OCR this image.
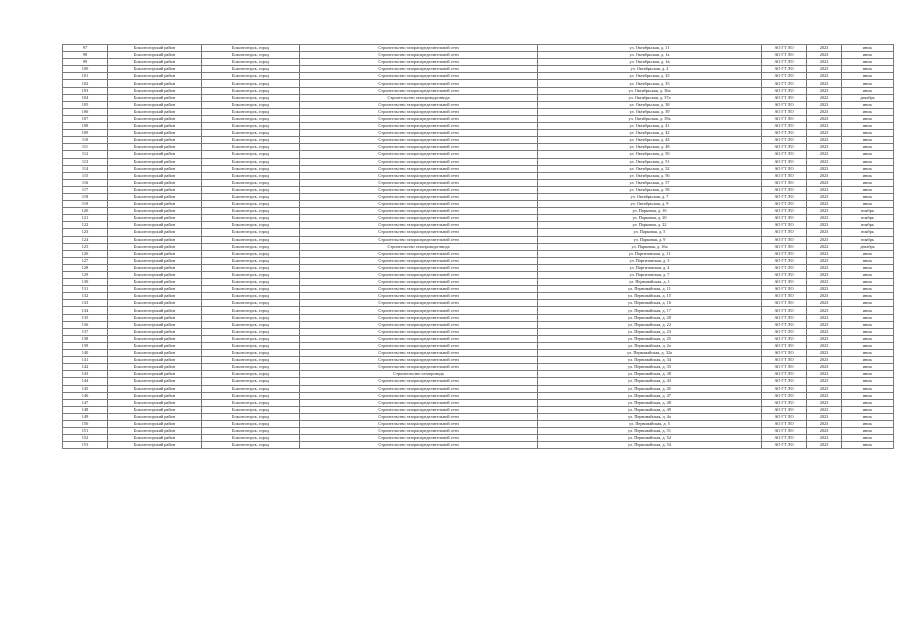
97	Бокситогорский район	Бокситогорск, город	Строительство газораспределительной сети	ул. Октябрьская, д. 11	АО ГТ ЛО	2023	июль
98	Бокситогорский район	Бокситогорск, город	Строительство газораспределительной сети	ул. Октябрьская, д. 1а	АО ГТ ЛО	2023	июль
99	Бокситогорский район	Бокситогорск, город	Строительство газораспределительной сети	ул. Октябрьская, д. 1в	АО ГТ ЛО	2023	июль
100	Бокситогорский район	Бокситогорск, город	Строительство газораспределительной сети	ул. Октябрьская, д. 2	АО ГТ ЛО	2023	июль
101	Бокситогорский район	Бокситогорск, город	Строительство газораспределительной сети	ул. Октябрьская, д. 25	АО ГТ ЛО	2023	июль
102	Бокситогорский район	Бокситогорск, город	Строительство газораспределительной сети	ул. Октябрьская, д. 35	АО ГТ ЛО	2023	июль
103	Бокситогорский район	Бокситогорск, город	Строительство газораспределительной сети	ул. Октябрьская, д. 36а	АО ГТ ЛО	2023	июль
104	Бокситогорский район	Бокситогорск, город	Строительство газопровода-ввода	ул. Октябрьская, д. 37а	АО ГТ ЛО	2022	декабрь
105	Бокситогорский район	Бокситогорск, город	Строительство газораспределительной сети	ул. Октябрьская, д. 38	АО ГТ ЛО	2023	июль
106	Бокситогорский район	Бокситогорск, город	Строительство газораспределительной сети	ул. Октябрьская, д. 39	АО ГТ ЛО	2023	июль
107	Бокситогорский район	Бокситогорск, город	Строительство газораспределительной сети	ул. Октябрьская, д. 39а	АО ГТ ЛО	2023	июль
108	Бокситогорский район	Бокситогорск, город	Строительство газораспределительной сети	ул. Октябрьская, д. 41	АО ГТ ЛО	2023	июль
109	Бокситогорский район	Бокситогорск, город	Строительство газораспределительной сети	ул. Октябрьская, д. 42	АО ГТ ЛО	2023	июль
110	Бокситогорский район	Бокситогорск, город	Строительство газораспределительной сети	ул. Октябрьская, д. 44	АО ГТ ЛО	2023	июль
111	Бокситогорский район	Бокситогорск, город	Строительство газораспределительной сети	ул. Октябрьская, д. 48	АО ГТ ЛО	2023	июль
112	Бокситогорский район	Бокситогорск, город	Строительство газораспределительной сети	ул. Октябрьская, д. 50	АО ГТ ЛО	2023	июль
113	Бокситогорский район	Бокситогорск, город	Строительство газораспределительной сети	ул. Октябрьская, д. 51	АО ГТ ЛО	2023	июль
114	Бокситогорский район	Бокситогорск, город	Строительство газораспределительной сети	ул. Октябрьская, д. 52	АО ГТ ЛО	2023	июль
115	Бокситогорский район	Бокситогорск, город	Строительство газораспределительной сети	ул. Октябрьская, д. 56	АО ГТ ЛО	2023	июль
116	Бокситогорский район	Бокситогорск, город	Строительство газораспределительной сети	ул. Октябрьская, д. 57	АО ГТ ЛО	2023	июль
117	Бокситогорский район	Бокситогорск, город	Строительство газораспределительной сети	ул. Октябрьская, д. 58	АО ГТ ЛО	2023	июль
118	Бокситогорский район	Бокситогорск, город	Строительство газораспределительной сети	ул. Октябрьская, д. 7	АО ГТ ЛО	2023	июль
119	Бокситогорский район	Бокситогорск, город	Строительство газораспределительной сети	ул. Октябрьская, д. 9	АО ГТ ЛО	2023	июль
120	Бокситогорский район	Бокситогорск, город	Строительство газораспределительной сети	ул. Парковая, д. 16	АО ГТ ЛО	2023	ноябрь
121	Бокситогорский район	Бокситогорск, город	Строительство газораспределительной сети	ул. Парковая, д. 20	АО ГТ ЛО	2023	ноябрь
122	Бокситогорский район	Бокситогорск, город	Строительство газораспределительной сети	ул. Парковая, д. 22	АО ГТ ЛО	2023	ноябрь
123	Бокситогорский район	Бокситогорск, город	Строительство газораспределительной сети	ул. Парковая, д. 5	АО ГТ ЛО	2023	ноябрь
124	Бокситогорский район	Бокситогорск, город	Строительство газораспределительной сети	ул. Парковая, д. 9	АО ГТ ЛО	2023	ноябрь
125	Бокситогорский район	Бокситогорск, город	Строительство газопровода-ввода	ул. Парковая, д. 16а	АО ГТ ЛО	2022	декабрь
126	Бокситогорский район	Бокситогорск, город	Строительство газораспределительной сети	ул. Партизанская, д. 11	АО ГТ ЛО	2023	июль
127	Бокситогорский район	Бокситогорск, город	Строительство газораспределительной сети	ул. Партизанская, д. 3	АО ГТ ЛО	2023	июль
128	Бокситогорский район	Бокситогорск, город	Строительство газораспределительной сети	ул. Партизанская, д. 4	АО ГТ ЛО	2023	июль
129	Бокситогорский район	Бокситогорск, город	Строительство газораспределительной сети	ул. Партизанская, д. 7	АО ГТ ЛО	2023	июль
130	Бокситогорский район	Бокситогорск, город	Строительство газораспределительной сети	ул. Первомайская, д. 1	АО ГТ ЛО	2023	июль
131	Бокситогорский район	Бокситогорск, город	Строительство газораспределительной сети	ул. Первомайская, д. 11	АО ГТ ЛО	2023	июль
132	Бокситогорский район	Бокситогорск, город	Строительство газораспределительной сети	ул. Первомайская, д. 15	АО ГТ ЛО	2023	июль
133	Бокситогорский район	Бокситогорск, город	Строительство газораспределительной сети	ул. Первомайская, д. 16	АО ГТ ЛО	2023	июль
134	Бокситогорский район	Бокситогорск, город	Строительство газораспределительной сети	ул. Первомайская, д. 17	АО ГТ ЛО	2023	июль
135	Бокситогорский район	Бокситогорск, город	Строительство газораспределительной сети	ул. Первомайская, д. 20	АО ГТ ЛО	2023	июль
136	Бокситогорский район	Бокситогорск, город	Строительство газораспределительной сети	ул. Первомайская, д. 22	АО ГТ ЛО	2023	июль
137	Бокситогорский район	Бокситогорск, город	Строительство газораспределительной сети	ул. Первомайская, д. 23	АО ГТ ЛО	2023	июль
138	Бокситогорский район	Бокситогорск, город	Строительство газораспределительной сети	ул. Первомайская, д. 25	АО ГТ ЛО	2023	июль
139	Бокситогорский район	Бокситогорск, город	Строительство газораспределительной сети	ул. Первомайская, д. 2а	АО ГТ ЛО	2023	июль
140	Бокситогорский район	Бокситогорск, город	Строительство газораспределительной сети	ул. Первомайская, д. 32а	АО ГТ ЛО	2023	июль
141	Бокситогорский район	Бокситогорск, город	Строительство газораспределительной сети	ул. Первомайская, д. 34	АО ГТ ЛО	2023	июль
142	Бокситогорский район	Бокситогорск, город	Строительство газораспределительной сети	ул. Первомайская, д. 35	АО ГТ ЛО	2023	июль
143	Бокситогорский район	Бокситогорск, город	Строительство газопровода	ул. Первомайская, д. 38	АО ГТ ЛО	2023	июль
144	Бокситогорский район	Бокситогорск, город	Строительство газораспределительной сети	ул. Первомайская, д. 43	АО ГТ ЛО	2023	июль
145	Бокситогорский район	Бокситогорск, город	Строительство газораспределительной сети	ул. Первомайская, д. 45	АО ГТ ЛО	2023	июль
146	Бокситогорский район	Бокситогорск, город	Строительство газораспределительной сети	ул. Первомайская, д. 47	АО ГТ ЛО	2023	июль
147	Бокситогорский район	Бокситогорск, город	Строительство газораспределительной сети	ул. Первомайская, д. 48	АО ГТ ЛО	2023	июль
148	Бокситогорский район	Бокситогорск, город	Строительство газораспределительной сети	ул. Первомайская, д. 49	АО ГТ ЛО	2023	июль
149	Бокситогорский район	Бокситогорск, город	Строительство газораспределительной сети	ул. Первомайская, д. 4а	АО ГТ ЛО	2023	июль
150	Бокситогорский район	Бокситогорск, город	Строительство газораспределительной сети	ул. Первомайская, д. 5	АО ГТ ЛО	2023	июль
151	Бокситогорский район	Бокситогорск, город	Строительство газораспределительной сети	ул. Первомайская, д. 51	АО ГТ ЛО	2023	июль
152	Бокситогорский район	Бокситогорск, город	Строительство газораспределительной сети	ул. Первомайская, д. 52	АО ГТ ЛО	2023	июль
153	Бокситогорский район	Бокситогорск, город	Строительство газораспределительной сети	ул. Первомайская, д. 54	АО ГТ ЛО	2023	июль
